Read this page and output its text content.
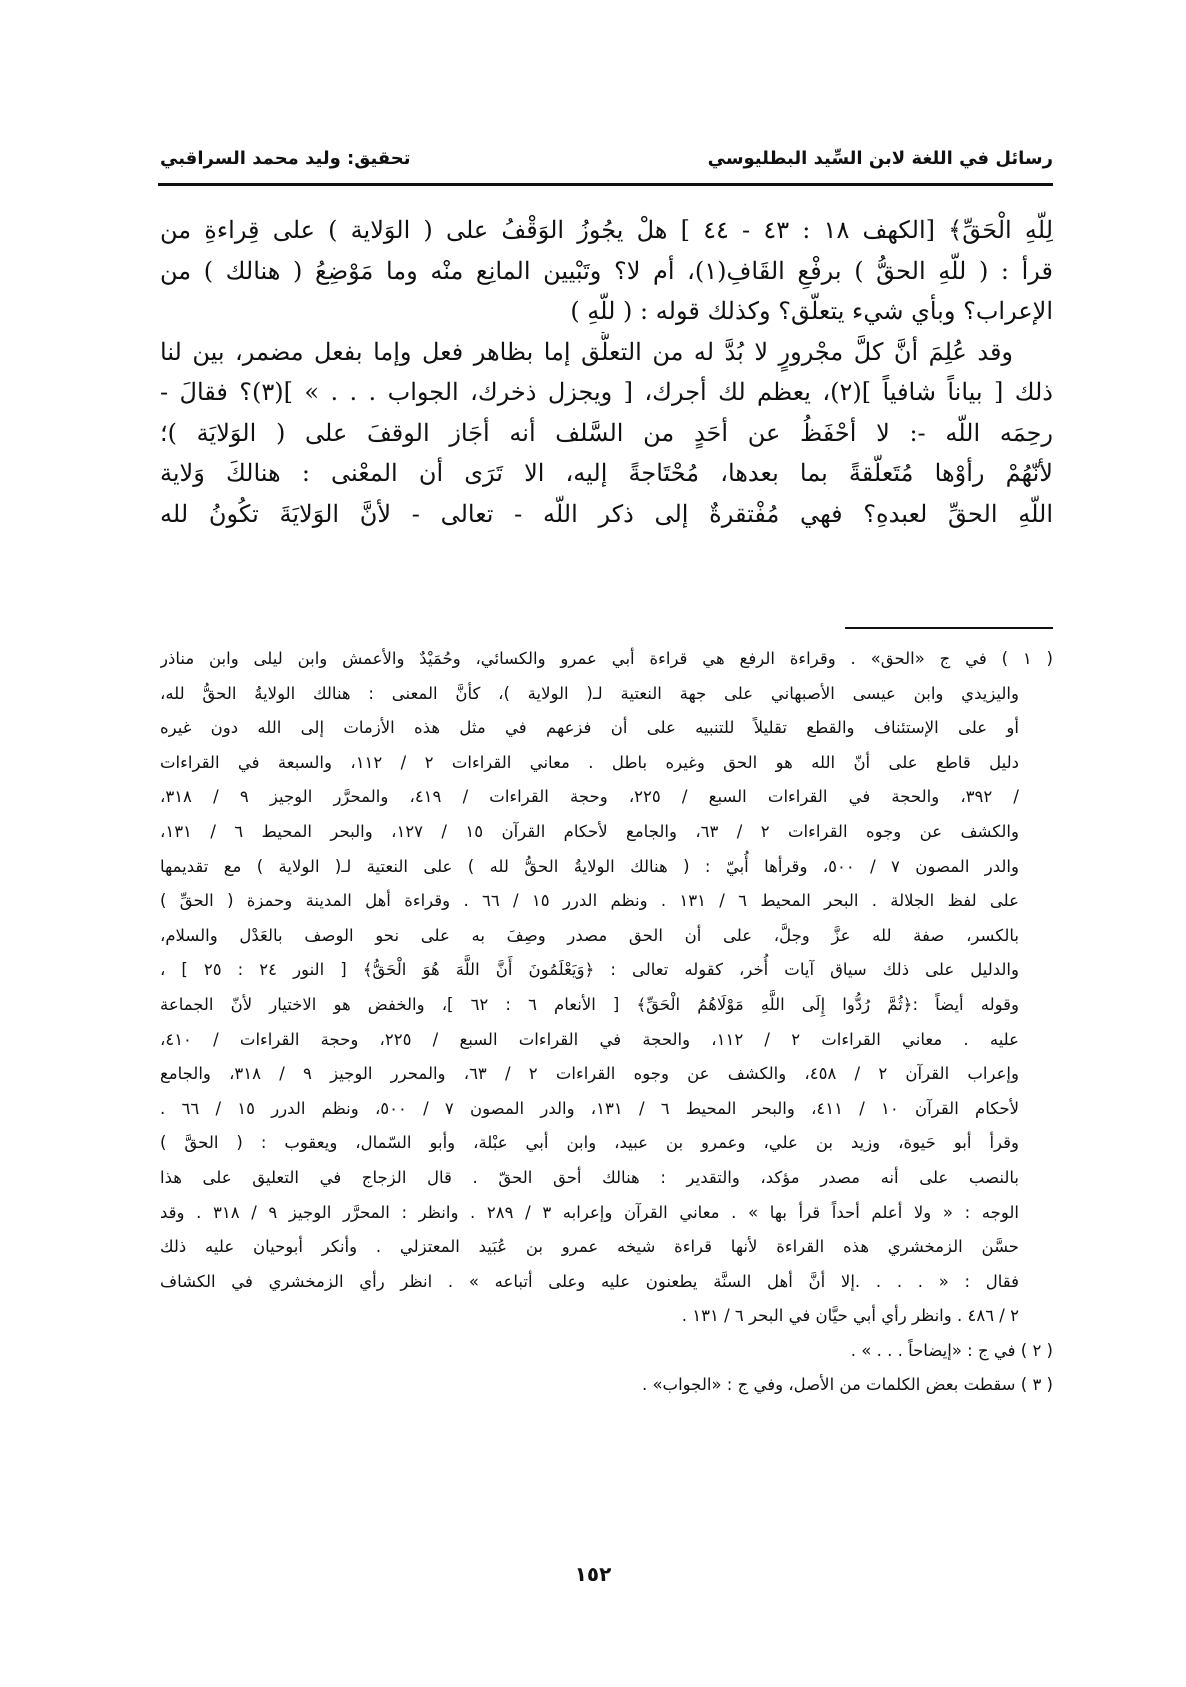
رسائل في اللغة لابن السِّيد البطليوسي
تحقيق: وليد محمد السراقبي
لِلّهِ الْحَقِّ﴾ [الكهف ١٨ : ٤٣ - ٤٤ ] هلْ يجُوزُ الوَقْفُ على ( الوَلاية ) على قِراءةِ من
قرأ : ( للّهِ الحقُّ ) برفْعِ القَافِ(١)، أم لا؟ وتَبْيين المانِع منْه وما مَوْضِعُ ( هنالك ) من
الإعراب؟ وبأي شيء يتعلّق؟ وكذلك قوله : ( للّهِ )
وقد عُلِمَ أنَّ كلَّ مجْرورٍ لا بُدَّ له من التعلُّق إما بظاهر فعل وإما بفعل مضمر، بين لنا
ذلك [ بياناً شافياً ](٢)، يعظم لك أجرك، [ ويجزل ذخرك، الجواب . . . » ](٣)؟ فقالَ -
رحِمَه اللّه -: لا أحْفَظُ عن أحَدٍ من السَّلف أنه أجَاز الوقفَ على ( الوَلايَة )؛
لأنّهُمْ رأوْها مُتَعلّقةً بما بعدها، مُحْتَاجةً إليه، الا تَرَى أن المعْنى : هنالكَ وَلاية
اللّهِ الحقِّ لعبدهِ؟ فهي مُفْتقرةٌ إلى ذكر اللّه - تعالى - لأنَّ الوَلايَةَ تكُونُ لله
( ١ ) في ج «الحق» . وقراءة الرفع هي قراءة أبي عمرو والكسائي، وحُمَيْدٌ والأعمش وابن ليلى وابن مناذر
واليزيدي وابن عيسى الأصبهاني على جهة النعتية لـ( الولاية )، كأنَّ المعنى : هنالك الولايةُ الحقُّ لله،
أو على الإستئناف والقطع تقليلاً للتنبيه على أن فزعهم في مثل هذه الأزمات إلى الله دون غيره
دليل قاطع على أنّ الله هو الحق وغيره باطل . معاني القراءات ٢ / ١١٢، والسبعة في القراءات
/ ٣٩٢، والحجة في القراءات السبع / ٢٢٥، وحجة القراءات / ٤١٩، والمحرَّر الوجيز ٩ / ٣١٨،
والكشف عن وجوه القراءات ٢ / ٦٣، والجامع لأحكام القرآن ١٥ / ١٢٧، والبحر المحيط ٦ / ١٣١،
والدر المصون ٧ / ٥٠٠، وقرأها أُبيّ : ( هنالك الولايةُ الحقُّ لله ) على النعتية لـ( الولاية ) مع تقديمها
على لفظ الجلالة . البحر المحيط ٦ / ١٣١ . ونظم الدرر ١٥ / ٦٦ . وقراءة أهل المدينة وحمزة ( الحقِّ )
بالكسر، صفة لله عزَّ وجلَّ، على أن الحق مصدر وصِفَ به على نحو الوصف بالعَدْل والسلام،
والدليل على ذلك سياق آيات أُخر، كقوله تعالى : ﴿وَيَعْلَمُونَ أَنَّ اللَّهَ هُوَ الْحَقُّ﴾ [ النور ٢٤ : ٢٥ ] ،
وقوله أيضاً :﴿ثُمَّ رُدُّوا إِلَى اللَّهِ مَوْلَاهُمُ الْحَقِّ﴾ [ الأنعام ٦ : ٦٢ ]، والخفض هو الاختيار لأنّ الجماعة
عليه . معاني القراءات ٢ / ١١٢، والحجة في القراءات السبع / ٢٢٥، وحجة القراءات / ٤١٠،
وإعراب القرآن ٢ / ٤٥٨، والكشف عن وجوه القراءات ٢ / ٦٣، والمحرر الوجيز ٩ / ٣١٨، والجامع
لأحكام القرآن ١٠ / ٤١١، والبحر المحيط ٦ / ١٣١، والدر المصون ٧ / ٥٠٠، ونظم الدرر ١٥ / ٦٦ .
وقرأ أبو حَيوة، وزيد بن علي، وعمرو بن عبيد، وابن أبي عبْلة، وأبو السّمال، ويعقوب : ( الحقَّ )
بالنصب على أنه مصدر مؤكد، والتقدير : هنالك أحق الحقّ . قال الزجاج في التعليق على هذا
الوجه : « ولا أعلم أحداً قرأ بها » . معاني القرآن وإعرابه ٣ / ٢٨٩ . وانظر : المحرَّر الوجيز ٩ / ٣١٨ . وقد
حسَّن الزمخشري هذه القراءة لأنها قراءة شيخه عمرو بن عُبَيد المعتزلي . وأنكر أبوحيان عليه ذلك
فقال : « . . . .إلا أنَّ أهل السنَّة يطعنون عليه وعلى أتباعه » . انظر رأي الزمخشري في الكشاف
٢ / ٤٨٦ . وانظر رأي أبي حيَّان في البحر ٦ / ١٣١ .
( ٢ ) في ج : «إيضاحاً . . . » .
( ٣ ) سقطت بعض الكلمات من الأصل، وفي ج : «الجواب» .
١٥٢
